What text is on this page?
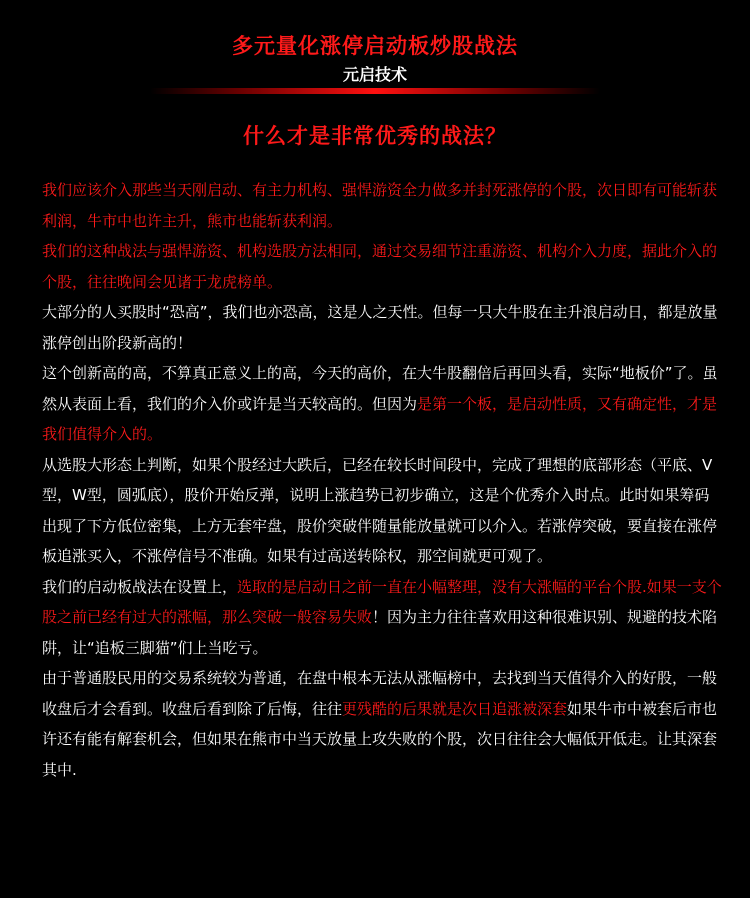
多元量化涨停启动板炒股战法
元启技术
什么才是非常优秀的战法？

我们应该介入那些当天刚启动、有主力机构、强悍游资全力做多并封死涨停的个股，次日即有可能斩获利润，牛市中也许主升，熊市也能斩获利润。

我们的这种战法与强悍游资、机构选股方法相同，通过交易细节注重游资、机构介入力度，据此介入的个股，往往晚间会见诸于龙虎榜单。

大部分的人买股时“恐高”，我们也亦恐高，这是人之天性。但每一只大牛股在主升浪启动日，都是放量涨停创出阶段新高的！

这个创新高的高，不算真正意义上的高，今天的高价，在大牛股翻倍后再回头看，实际“地板价”了。虽然从表面上看，我们的介入价或许是当天较高的。但因为是第一个板，是启动性质，又有确定性，才是我们值得介入的。

从选股大形态上判断，如果个股经过大跌后，已经在较长时间段中，完成了理想的底部形态（平底、V型，W型，圆弧底），股价开始反弹，说明上涨趋势已初步确立，这是个优秀介入时点。此时如果筹码出现了下方低位密集，上方无套牢盘，股价突破伴随量能放量就可以介入。若涨停突破，要直接在涨停板追涨买入，不涨停信号不准确。如果有过高送转除权，那空间就更可观了。

我们的启动板战法在设置上，选取的是启动日之前一直在小幅整理，没有大涨幅的平台个股.如果一支个股之前已经有过大的涨幅，那么突破一般容易失败！因为主力往往喜欢用这种很难识别、规避的技术陷阱，让“追板三脚猫”们上当吃亏。

由于普通股民用的交易系统较为普通，在盘中根本无法从涨幅榜中，去找到当天值得介入的好股，一般收盘后才会看到。收盘后看到除了后悔，往往更残酷的后果就是次日追涨被深套如果牛市中被套后市也许还有能有解套机会，但如果在熊市中当天放量上攻失败的个股，次日往往会大幅低开低走。让其深套其中.
